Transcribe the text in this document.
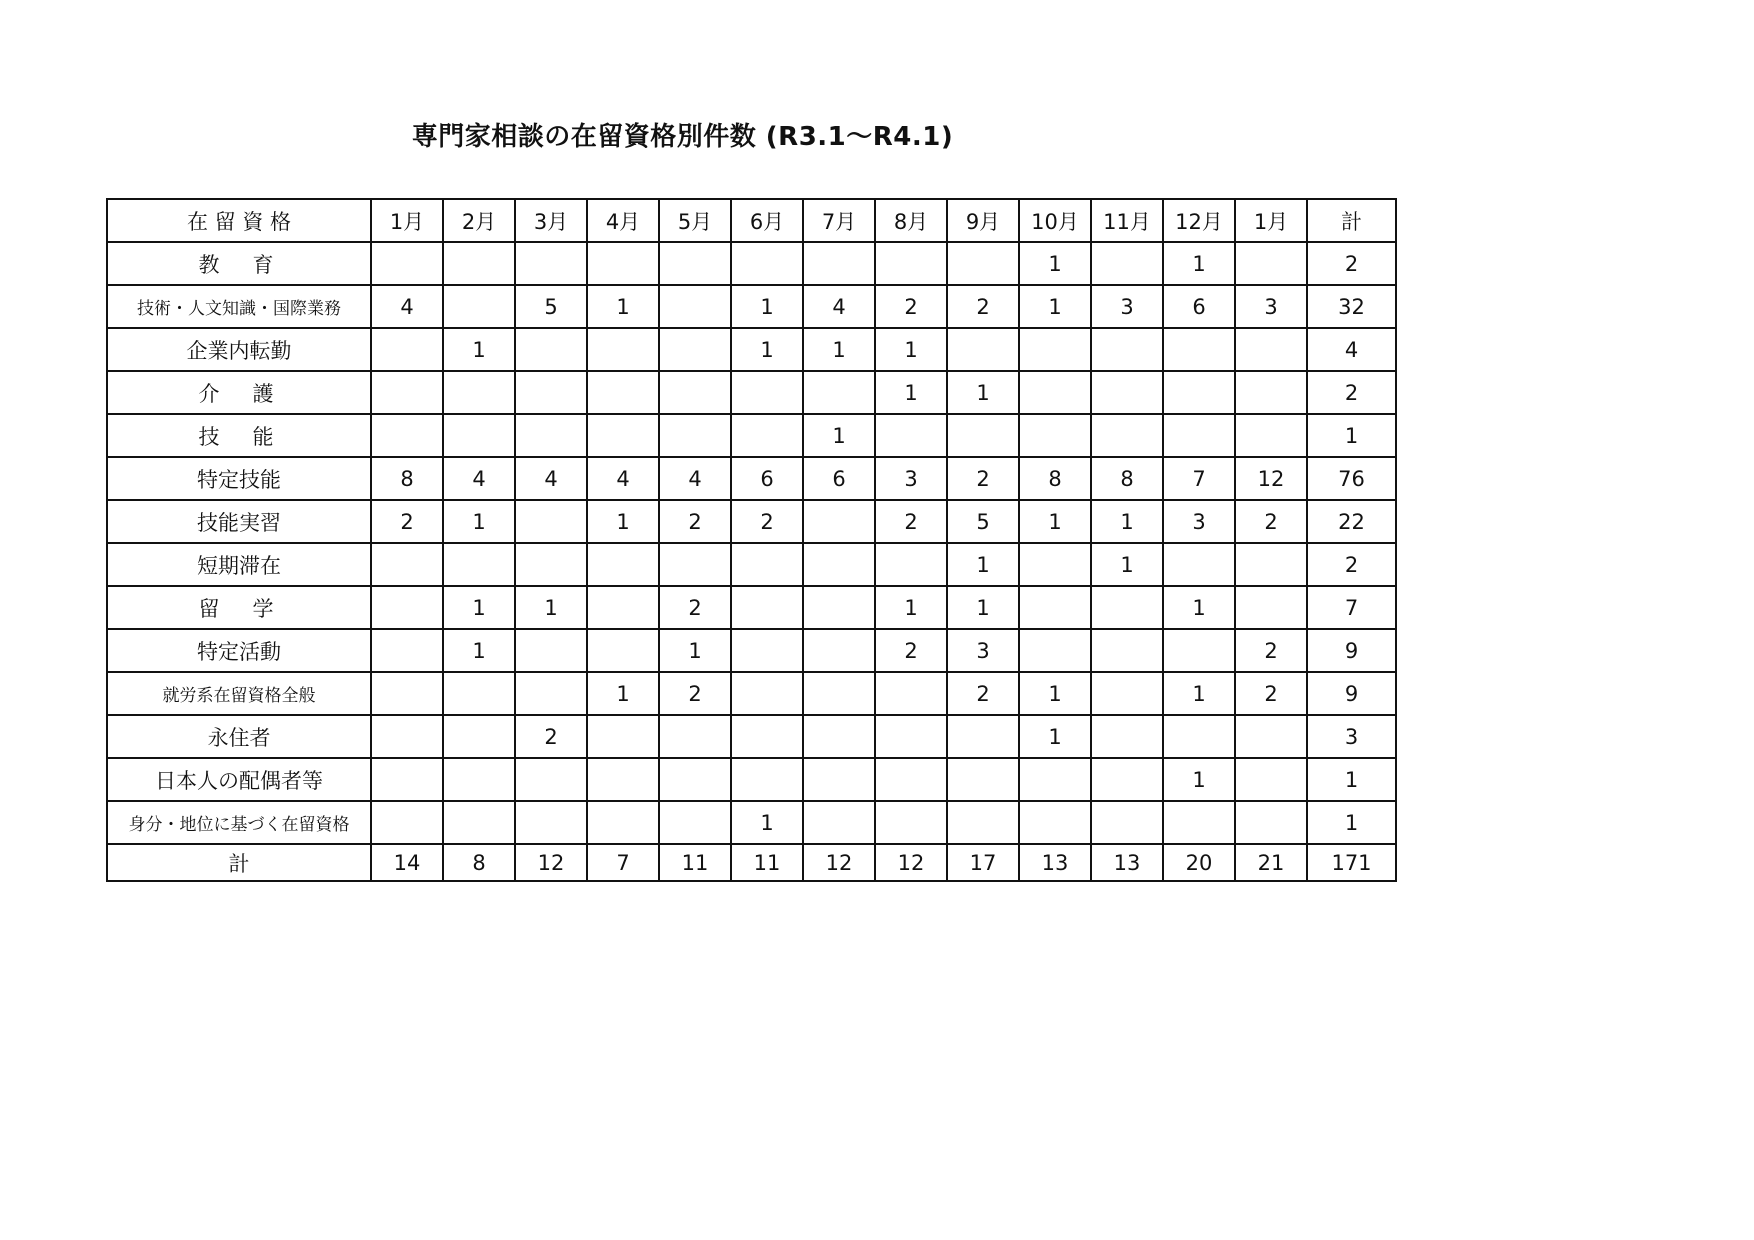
専門家相談の在留資格別件数 (R3.1～R4.1)
在 留 資 格	1月	2月	3月	4月	5月	6月	7月	8月	9月	10月	11月	12月	1月	計
教　育										1		1		2
技術・人文知識・国際業務	4		5	1		1	4	2	2	1	3	6	3	32
企業内転勤		1				1	1	1						4
介　護								1	1					2
技　能							1							1
特定技能	8	4	4	4	4	6	6	3	2	8	8	7	12	76
技能実習	2	1		1	2	2		2	5	1	1	3	2	22
短期滞在									1		1			2
留　学		1	1		2			1	1			1		7
特定活動		1			1			2	3				2	9
就労系在留資格全般				1	2				2	1		1	2	9
永住者			2							1				3
日本人の配偶者等												1		1
身分・地位に基づく在留資格						1								1
計	14	8	12	7	11	11	12	12	17	13	13	20	21	171
